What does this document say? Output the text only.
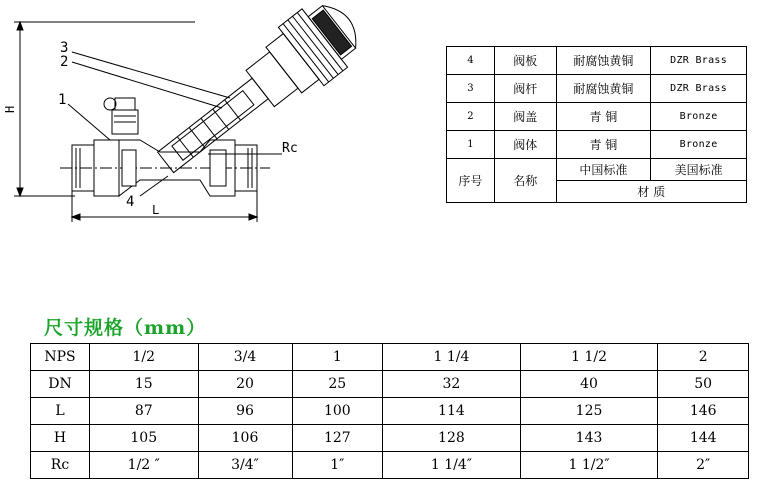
3
2
1
4
H
L
Rc
4	阀板	耐腐蚀黄铜	DZR Brass
3	阀杆	耐腐蚀黄铜	DZR Brass
2	阀盖	青 铜	Bronze
1	阀体	青 铜	Bronze
序号	名称	中国标准	美国标准
		材 质	
尺寸规格（mm）
NPS	1/2	3/4	1	1 1/4	1 1/2	2
DN	15	20	25	32	40	50
L	87	96	100	114	125	146
H	105	106	127	128	143	144
Rc	1/2 ″	3/4″	1″	1 1/4″	1 1/2″	2″
